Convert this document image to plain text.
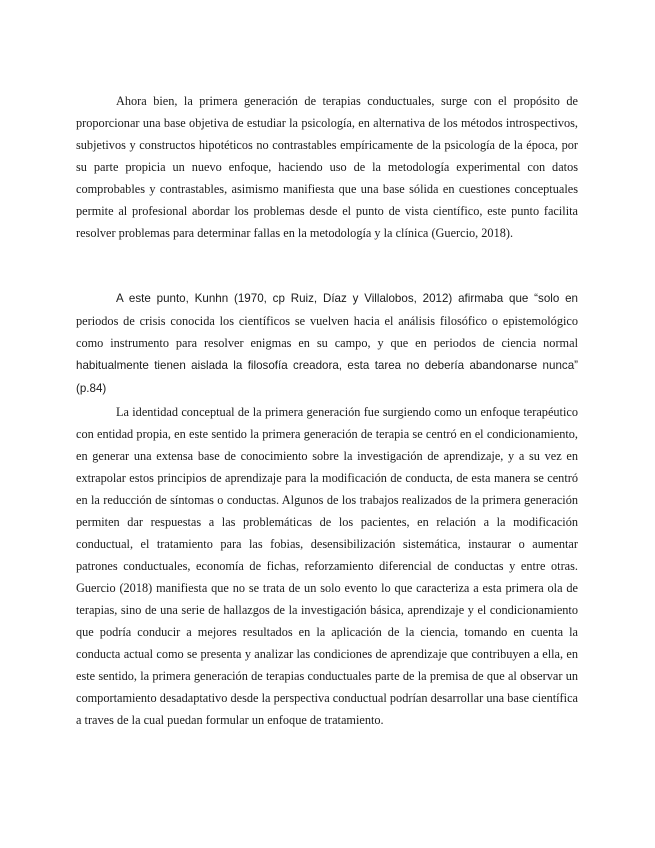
Ahora bien, la primera generación de terapias conductuales, surge con el propósito de proporcionar una base objetiva de estudiar la psicología, en alternativa de los métodos introspectivos, subjetivos y constructos hipotéticos no contrastables empíricamente de la psicología de la época, por su parte propicia un nuevo enfoque, haciendo uso de la metodología experimental con datos comprobables y contrastables, asimismo manifiesta que una base sólida en cuestiones conceptuales permite al profesional abordar los problemas desde el punto de vista científico, este punto facilita resolver problemas para determinar fallas en la metodología y la clínica (Guercio, 2018).

A este punto, Kunhn (1970, cp Ruiz, Díaz y Villalobos, 2012) afirmaba que “solo en periodos de crisis conocida los científicos se vuelven hacia el análisis filosófico o epistemológico como instrumento para resolver enigmas en su campo, y que en periodos de ciencia normal habitualmente tienen aislada la filosofía creadora, esta tarea no debería abandonarse nunca” (p.84)

La identidad conceptual de la primera generación fue surgiendo como un enfoque terapéutico con entidad propia, en este sentido la primera generación de terapia se centró en el condicionamiento, en generar una extensa base de conocimiento sobre la investigación de aprendizaje, y a su vez en extrapolar estos principios de aprendizaje para la modificación de conducta, de esta manera se centró en la reducción de síntomas o conductas. Algunos de los trabajos realizados de la primera generación permiten dar respuestas a las problemáticas de los pacientes, en relación a la modificación conductual, el tratamiento para las fobias, desensibilización sistemática, instaurar o aumentar patrones conductuales, economía de fichas, reforzamiento diferencial de conductas y entre otras. Guercio (2018) manifiesta que no se trata de un solo evento lo que caracteriza a esta primera ola de terapias, sino de una serie de hallazgos de la investigación básica, aprendizaje y el condicionamiento que podría conducir a mejores resultados en la aplicación de la ciencia, tomando en cuenta la conducta actual como se presenta y analizar las condiciones de aprendizaje que contribuyen a ella, en este sentido, la primera generación de terapias conductuales parte de la premisa de que al observar un comportamiento desadaptativo desde la perspectiva conductual podrían desarrollar una base científica a traves de la cual puedan formular un enfoque de tratamiento.
